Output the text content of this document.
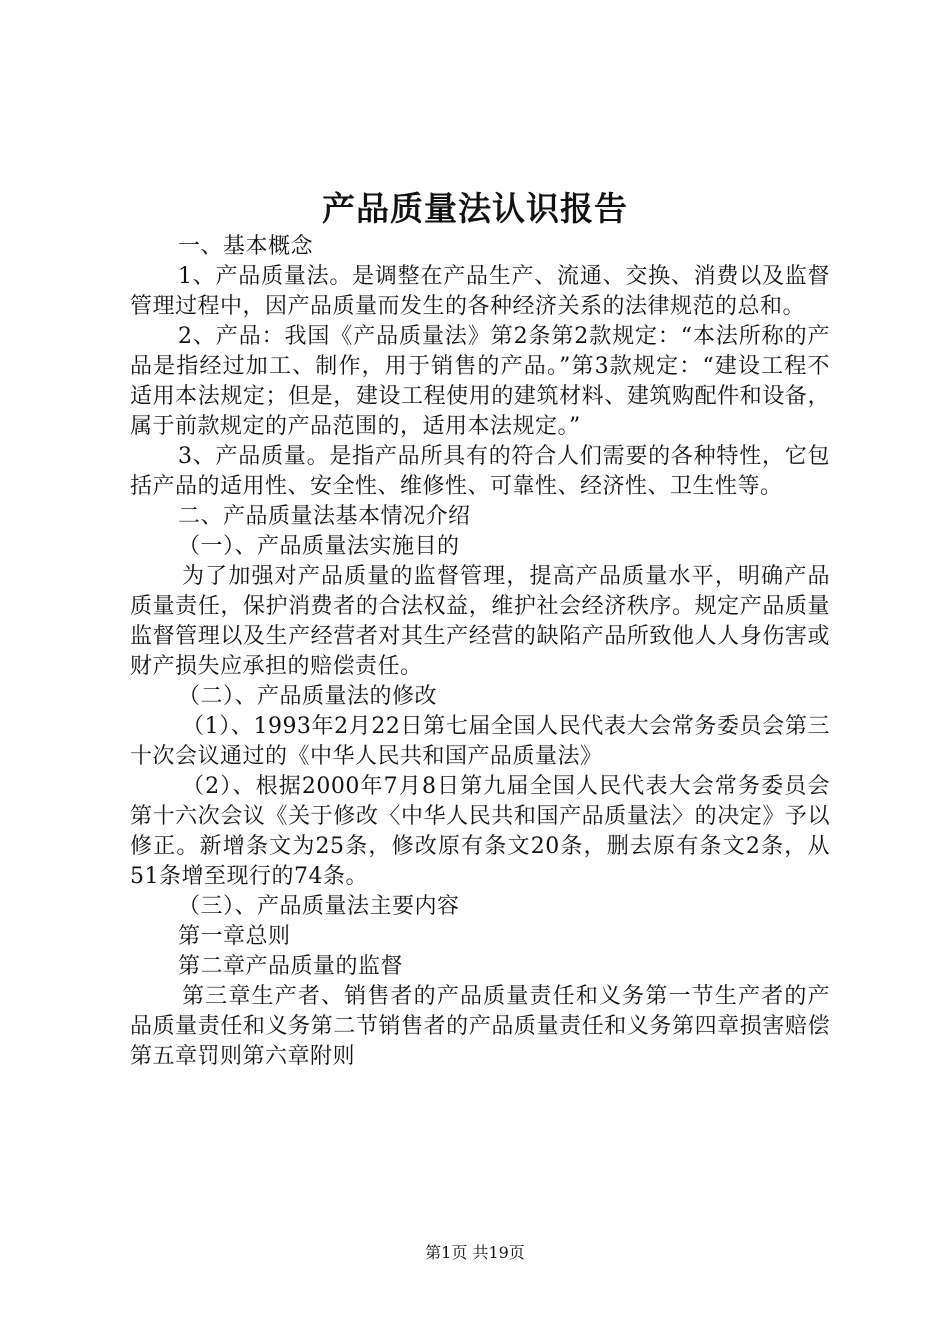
产品质量法认识报告

一、基本概念

1、产品质量法。是调整在产品生产、流通、交换、消费以及监督管理过程中，因产品质量而发生的各种经济关系的法律规范的总和。

2、产品：我国《产品质量法》第2条第2款规定：“本法所称的产品是指经过加工、制作，用于销售的产品。”第3款规定：“建设工程不适用本法规定；但是，建设工程使用的建筑材料、建筑购配件和设备，属于前款规定的产品范围的，适用本法规定。”

3、产品质量。是指产品所具有的符合人们需要的各种特性，它包括产品的适用性、安全性、维修性、可靠性、经济性、卫生性等。

二、产品质量法基本情况介绍

（一）、产品质量法实施目的

为了加强对产品质量的监督管理，提高产品质量水平，明确产品质量责任，保护消费者的合法权益，维护社会经济秩序。规定产品质量监督管理以及生产经营者对其生产经营的缺陷产品所致他人人身伤害或财产损失应承担的赔偿责任。

（二）、产品质量法的修改

（1）、1993年2月22日第七届全国人民代表大会常务委员会第三十次会议通过的《中华人民共和国产品质量法》

（2）、根据2000年7月8日第九届全国人民代表大会常务委员会第十六次会议《关于修改〈中华人民共和国产品质量法〉的决定》予以修正。新增条文为25条，修改原有条文20条，删去原有条文2条，从51条增至现行的74条。

（三）、产品质量法主要内容

第一章总则

第二章产品质量的监督

第三章生产者、销售者的产品质量责任和义务第一节生产者的产品质量责任和义务第二节销售者的产品质量责任和义务第四章损害赔偿第五章罚则第六章附则

第1页 共19页
